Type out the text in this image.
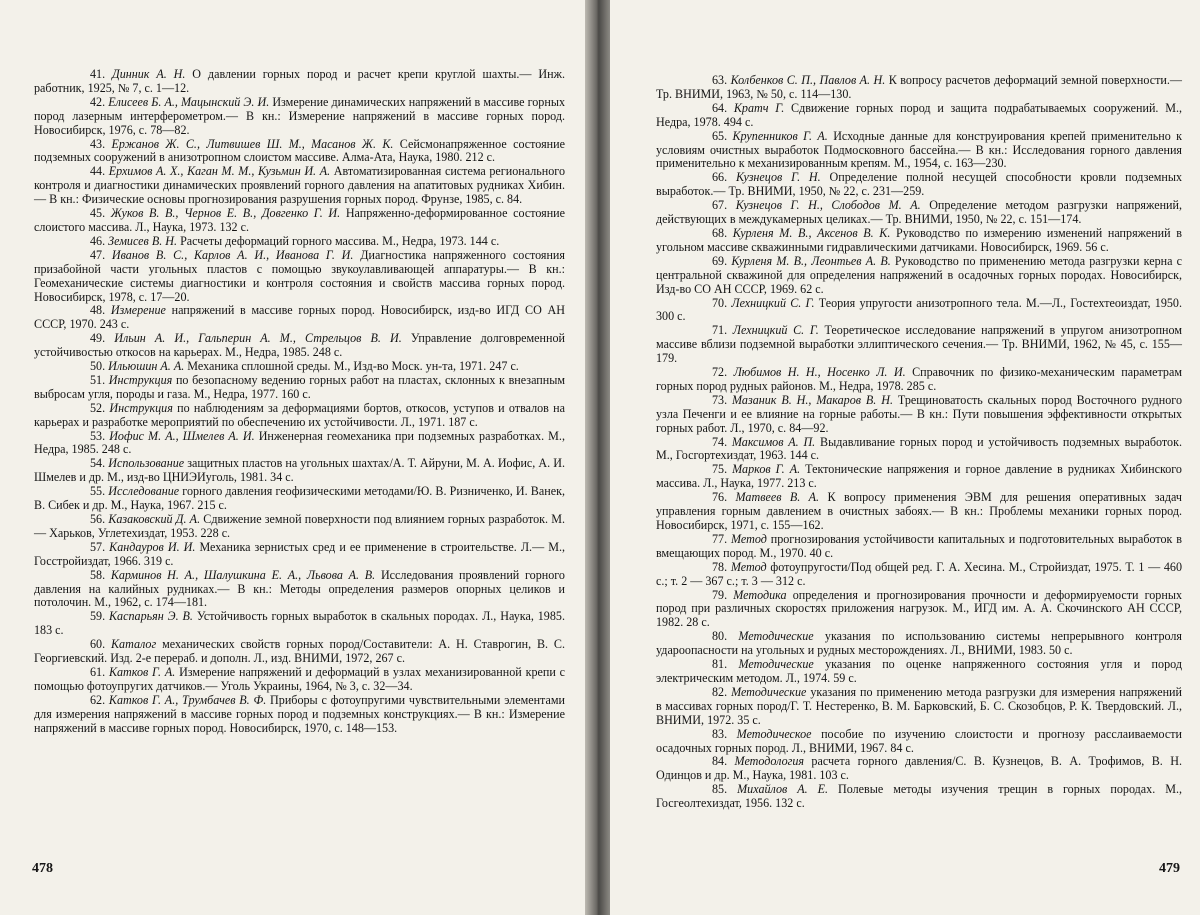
41. Динник А. Н. О давлении горных пород и расчет крепи круглой шахты.— Инж. работник, 1925, № 7, с. 1—12.

42. Елисеев Б. А., Мацынский Э. И. Измерение динамических напряжений в массиве горных пород лазерным интерферометром.— В кн.: Измерение напряжений в массиве горных пород. Новосибирск, 1976, с. 78—82.

43. Ержанов Ж. С., Литвишев Ш. М., Масанов Ж. К. Сейсмонапряженное состояние подземных сооружений в анизотропном слоистом массиве. Алма-Ата, Наука, 1980. 212 с.

44. Ерхимов А. Х., Каган М. М., Кузьмин И. А. Автоматизированная система регионального контроля и диагностики динамических проявлений горного давления на апатитовых рудниках Хибин.— В кн.: Физические основы прогнозирования разрушения горных пород. Фрунзе, 1985, с. 84.

45. Жуков В. В., Чернов Е. В., Довгенко Г. И. Напряженно-деформированное состояние слоистого массива. Л., Наука, 1973. 132 с.

46. Земисев В. Н. Расчеты деформаций горного массива. М., Недра, 1973. 144 с.

47. Иванов В. С., Карлов А. И., Иванова Г. И. Диагностика напряженного состояния призабойной части угольных пластов с помощью звукоулавливающей аппаратуры.— В кн.: Геомеханические системы диагностики и контроля состояния и свойств массива горных пород. Новосибирск, 1978, с. 17—20.

48. Измерение напряжений в массиве горных пород. Новосибирск, изд-во ИГД СО АН СССР, 1970. 243 с.

49. Ильин А. И., Гальперин А. М., Стрельцов В. И. Управление долговременной устойчивостью откосов на карьерах. М., Недра, 1985. 248 с.

50. Ильюшин А. А. Механика сплошной среды. М., Изд-во Моск. ун-та, 1971. 247 с.

51. Инструкция по безопасному ведению горных работ на пластах, склонных к внезапным выбросам угля, породы и газа. М., Недра, 1977. 160 с.

52. Инструкция по наблюдениям за деформациями бортов, откосов, уступов и отвалов на карьерах и разработке мероприятий по обеспечению их устойчивости. Л., 1971. 187 с.

53. Иофис М. А., Шмелев А. И. Инженерная геомеханика при подземных разработках. М., Недра, 1985. 248 с.

54. Использование защитных пластов на угольных шахтах/А. Т. Айруни, М. А. Иофис, А. И. Шмелев и др. М., изд-во ЦНИЭИуголь, 1981. 34 с.

55. Исследование горного давления геофизическими методами/Ю. В. Ризниченко, И. Ванек, В. Сибек и др. М., Наука, 1967. 215 с.

56. Казаковский Д. А. Сдвижение земной поверхности под влиянием горных разработок. М.— Харьков, Углетехиздат, 1953. 228 с.

57. Кандауров И. И. Механика зернистых сред и ее применение в строительстве. Л.— М., Госстройиздат, 1966. 319 с.

58. Карминов Н. А., Шалушкина Е. А., Львова А. В. Исследования проявлений горного давления на калийных рудниках.— В кн.: Методы определения размеров опорных целиков и потолочин. М., 1962, с. 174—181.

59. Каспарьян Э. В. Устойчивость горных выработок в скальных породах. Л., Наука, 1985. 183 с.

60. Каталог механических свойств горных пород/Составители: А. Н. Ставрогин, В. С. Георгиевский. Изд. 2-е перераб. и дополн. Л., изд. ВНИМИ, 1972, 267 с.

61. Катков Г. А. Измерение напряжений и деформаций в узлах механизированной крепи с помощью фотоупругих датчиков.— Уголь Украины, 1964, № 3, с. 32—34.

62. Катков Г. А., Трумбачев В. Ф. Приборы с фотоупругими чувствительными элементами для измерения напряжений в массиве горных пород и подземных конструкциях.— В кн.: Измерение напряжений в массиве горных пород. Новосибирск, 1970, с. 148—153.

478

63. Колбенков С. П., Павлов А. Н. К вопросу расчетов деформаций земной поверхности.— Тр. ВНИМИ, 1963, № 50, с. 114—130.

64. Кратч Г. Сдвижение горных пород и защита подрабатываемых сооружений. М., Недра, 1978. 494 с.

65. Крупенников Г. А. Исходные данные для конструирования крепей применительно к условиям очистных выработок Подмосковного бассейна.— В кн.: Исследования горного давления применительно к механизированным крепям. М., 1954, с. 163—230.

66. Кузнецов Г. Н. Определение полной несущей способности кровли подземных выработок.— Тр. ВНИМИ, 1950, № 22, с. 231—259.

67. Кузнецов Г. Н., Слободов М. А. Определение методом разгрузки напряжений, действующих в междукамерных целиках.— Тр. ВНИМИ, 1950, № 22, с. 151—174.

68. Курленя М. В., Аксенов В. К. Руководство по измерению изменений напряжений в угольном массиве скважинными гидравлическими датчиками. Новосибирск, 1969. 56 с.

69. Курленя М. В., Леонтьев А. В. Руководство по применению метода разгрузки керна с центральной скважиной для определения напряжений в осадочных горных породах. Новосибирск, Изд-во СО АН СССР, 1969. 62 с.

70. Лехницкий С. Г. Теория упругости анизотропного тела. М.—Л., Гостехтеоиздат, 1950. 300 с.

71. Лехницкий С. Г. Теоретическое исследование напряжений в упругом анизотропном массиве вблизи подземной выработки эллиптического сечения.— Тр. ВНИМИ, 1962, № 45, с. 155—179.

72. Любимов Н. Н., Носенко Л. И. Справочник по физико-механическим параметрам горных пород рудных районов. М., Недра, 1978. 285 с.

73. Мазаник В. Н., Макаров В. Н. Трещиноватость скальных пород Восточного рудного узла Печенги и ее влияние на горные работы.— В кн.: Пути повышения эффективности открытых горных работ. Л., 1970, с. 84—92.

74. Максимов А. П. Выдавливание горных пород и устойчивость подземных выработок. М., Госгортехиздат, 1963. 144 с.

75. Марков Г. А. Тектонические напряжения и горное давление в рудниках Хибинского массива. Л., Наука, 1977. 213 с.

76. Матвеев В. А. К вопросу применения ЭВМ для решения оперативных задач управления горным давлением в очистных забоях.— В кн.: Проблемы механики горных пород. Новосибирск, 1971, с. 155—162.

77. Метод прогнозирования устойчивости капитальных и подготовительных выработок в вмещающих пород. М., 1970. 40 с.

78. Метод фотоупругости/Под общей ред. Г. А. Хесина. М., Стройиздат, 1975. Т. 1 — 460 с.; т. 2 — 367 с.; т. 3 — 312 с.

79. Методика определения и прогнозирования прочности и деформируемости горных пород при различных скоростях приложения нагрузок. М., ИГД им. А. А. Скочинского АН СССР, 1982. 28 с.

80. Методические указания по использованию системы непрерывного контроля удароопасности на угольных и рудных месторождениях. Л., ВНИМИ, 1983. 50 с.

81. Методические указания по оценке напряженного состояния угля и пород электрическим методом. Л., 1974. 59 с.

82. Методические указания по применению метода разгрузки для измерения напряжений в массивах горных пород/Г. Т. Нестеренко, В. М. Барковский, Б. С. Скозобцов, Р. К. Твердовский. Л., ВНИМИ, 1972. 35 с.

83. Методическое пособие по изучению слоистости и прогнозу расслаиваемости осадочных горных пород. Л., ВНИМИ, 1967. 84 с.

84. Методология расчета горного давления/С. В. Кузнецов, В. А. Трофимов, В. Н. Одинцов и др. М., Наука, 1981. 103 с.

85. Михайлов А. Е. Полевые методы изучения трещин в горных породах. М., Госгеолтехиздат, 1956. 132 с.

479
